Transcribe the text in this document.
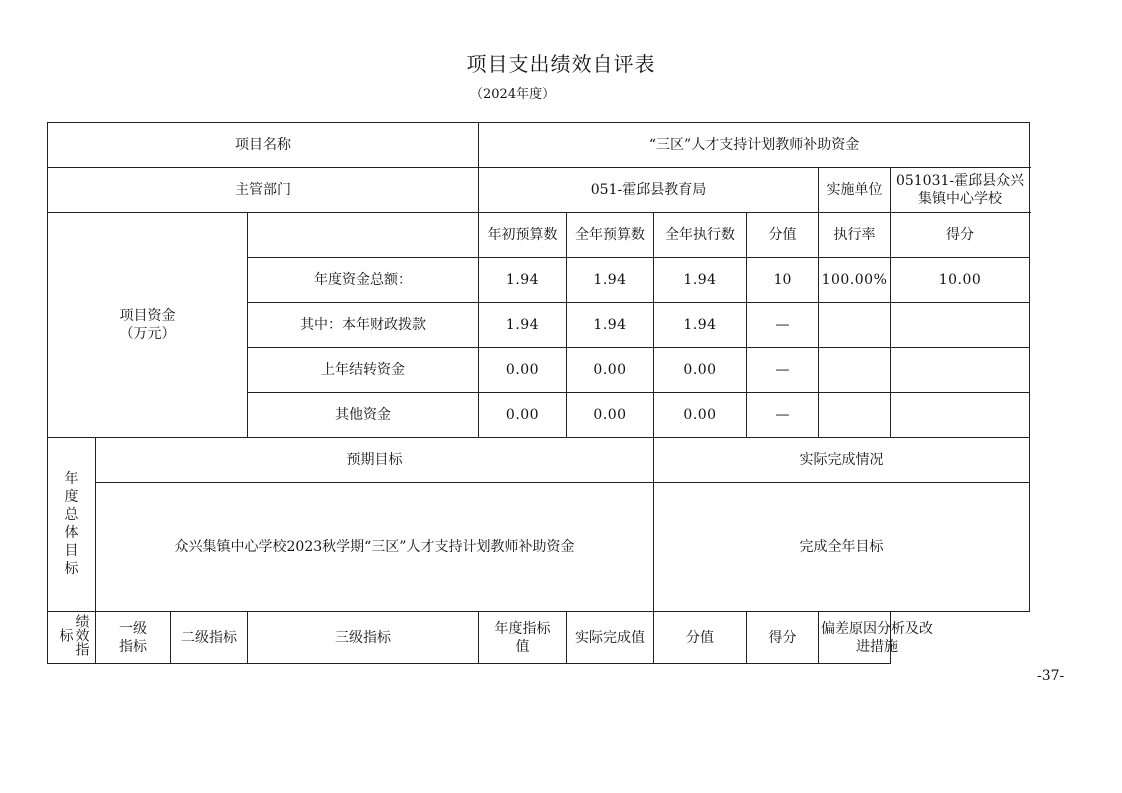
项目支出绩效自评表
（2024年度）
项目名称				“三区”人才支持计划教师补助资金					
主管部门				051-霍邱县教育局				实施单位	051031-霍邱县众兴集镇中心学校
项目资金
（万元）				年初预算数	全年预算数	全年执行数	分值	执行率	得分
			年度资金总额：	1.94	1.94	1.94	10	100.00%	10.00
			其中：本年财政拨款	1.94	1.94	1.94	—		
			上年结转资金	0.00	0.00	0.00	—		
			其他资金	0.00	0.00	0.00	—		
年度总体目标	预期目标					实际完成情况			
	众兴集镇中心学校2023秋学期“三区”人才支持计划教师补助资金					完成全年目标			
绩效指标	一级指标	二级指标	三级指标	年度指标值	实际完成值	分值	得分	偏差原因分析及改进措施	
-37-
